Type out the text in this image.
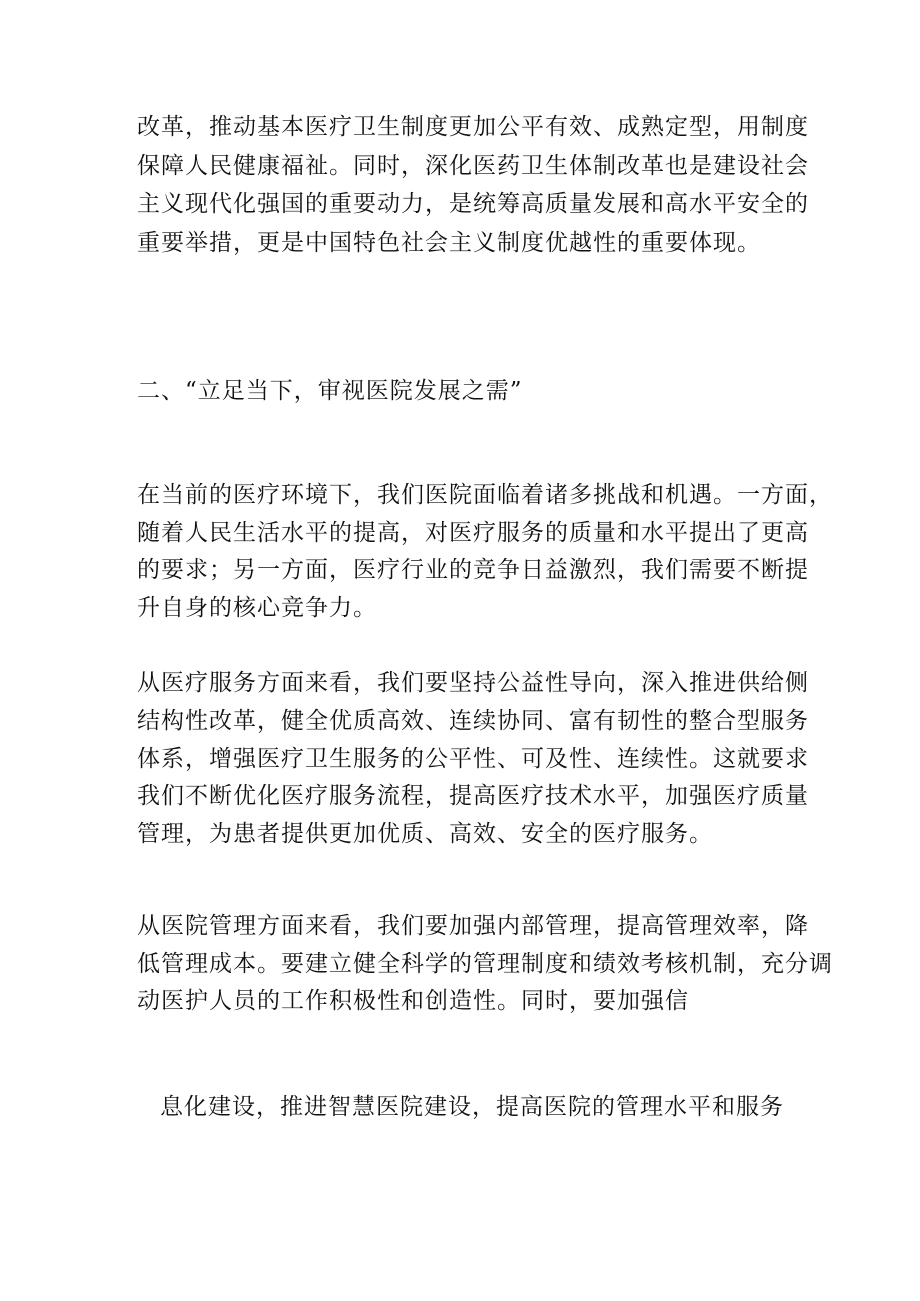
改革，推动基本医疗卫生制度更加公平有效、成熟定型，用制度
保障人民健康福祉。同时，深化医药卫生体制改革也是建设社会
主义现代化强国的重要动力，是统筹高质量发展和高水平安全的
重要举措，更是中国特色社会主义制度优越性的重要体现。
二、“立足当下，审视医院发展之需”
在当前的医疗环境下，我们医院面临着诸多挑战和机遇。一方面，
随着人民生活水平的提高，对医疗服务的质量和水平提出了更高
的要求；另一方面，医疗行业的竞争日益激烈，我们需要不断提
升自身的核心竞争力。
从医疗服务方面来看，我们要坚持公益性导向，深入推进供给侧
结构性改革，健全优质高效、连续协同、富有韧性的整合型服务
体系，增强医疗卫生服务的公平性、可及性、连续性。这就要求
我们不断优化医疗服务流程，提高医疗技术水平，加强医疗质量
管理，为患者提供更加优质、高效、安全的医疗服务。
从医院管理方面来看，我们要加强内部管理，提高管理效率，降
低管理成本。要建立健全科学的管理制度和绩效考核机制，充分调
动医护人员的工作积极性和创造性。同时，要加强信
息化建设，推进智慧医院建设，提高医院的管理水平和服务
